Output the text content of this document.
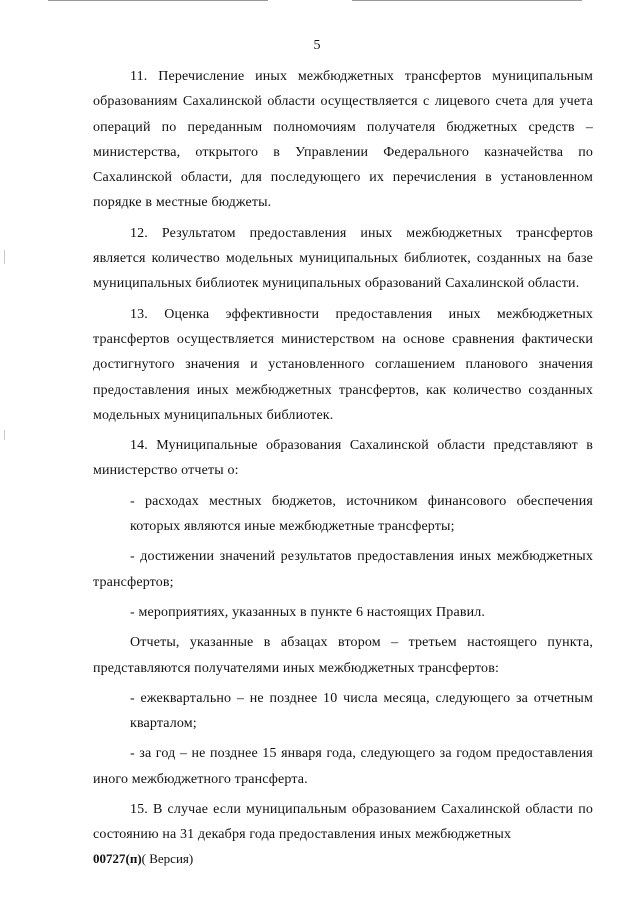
5

11. Перечисление иных межбюджетных трансфертов муниципальным образованиям Сахалинской области осуществляется с лицевого счета для учета операций по переданным полномочиям получателя бюджетных средств – министерства, открытого в Управлении Федерального казначейства по Сахалинской области, для последующего их перечисления в установленном порядке в местные бюджеты.

12. Результатом предоставления иных межбюджетных трансфертов является количество модельных муниципальных библиотек, созданных на базе муниципальных библиотек муниципальных образований Сахалинской области.

13. Оценка эффективности предоставления иных межбюджетных трансфертов осуществляется министерством на основе сравнения фактически достигнутого значения и установленного соглашением планового значения предоставления иных межбюджетных трансфертов, как количество созданных модельных муниципальных библиотек.

14. Муниципальные образования Сахалинской области представляют в министерство отчеты о:

- расходах местных бюджетов, источником финансового обеспечения которых являются иные межбюджетные трансферты;

- достижении значений результатов предоставления иных межбюджетных трансфертов;

- мероприятиях, указанных в пункте 6 настоящих Правил.

Отчеты, указанные в абзацах втором – третьем настоящего пункта, представляются получателями иных межбюджетных трансфертов:

- ежеквартально – не позднее 10 числа месяца, следующего за отчетным кварталом;

- за год – не позднее 15 января года, следующего за годом предоставления иного межбюджетного трансферта.

15. В случае если муниципальным образованием Сахалинской области по состоянию на 31 декабря года предоставления иных межбюджетных

00727(п)( Версия)
